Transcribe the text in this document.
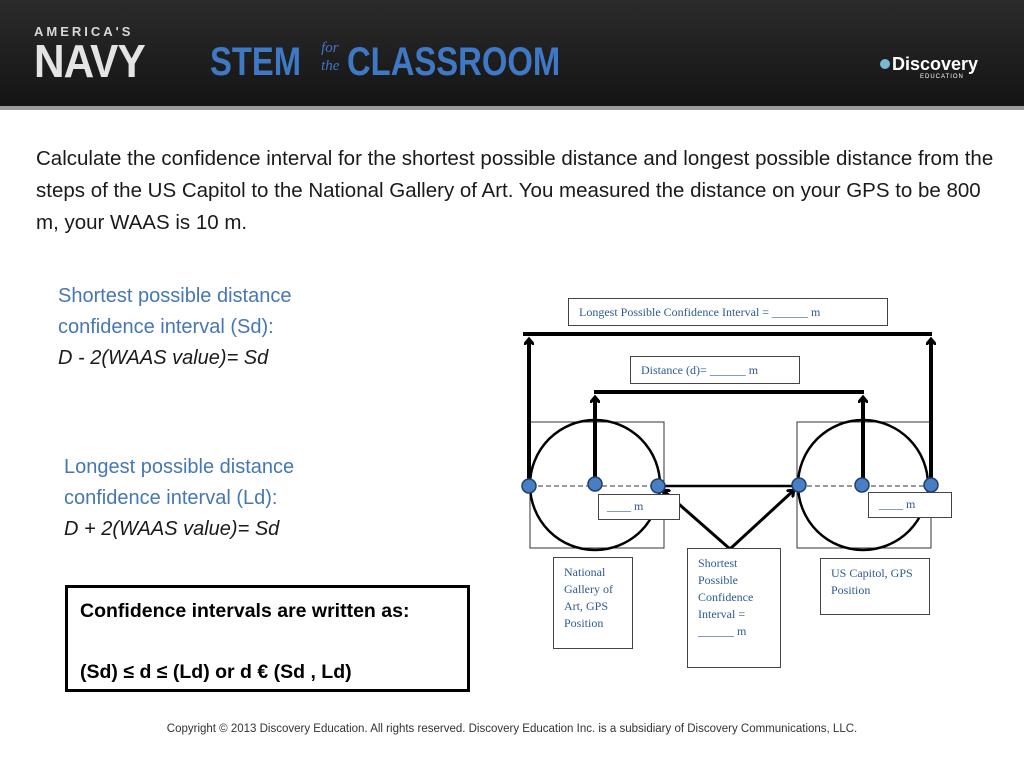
AMERICA'S
NAVY STEM for
the CLASSROOM	Discovery
EDUCATION
Calculate the confidence interval for the shortest possible distance and longest possible distance from the steps of the US Capitol to the National Gallery of Art. You measured the distance on your GPS to be 800 m, your WAAS is 10 m.
Shortest possible distance
confidence interval (Sd):
D - 2(WAAS value)= Sd
Longest possible distance
confidence interval (Ld):
D + 2(WAAS value)= Sd
Confidence intervals are written as:
(Sd) ≤ d ≤ (Ld) or d € (Sd , Ld)
Longest Possible Confidence Interval = ______ m
Distance (d)= ______ m
____ m	____ m
National Gallery of Art, GPS Position
Shortest Possible Confidence Interval = ______ m
US Capitol, GPS Position
Copyright © 2013 Discovery Education. All rights reserved. Discovery Education Inc. is a subsidiary of Discovery Communications, LLC.
